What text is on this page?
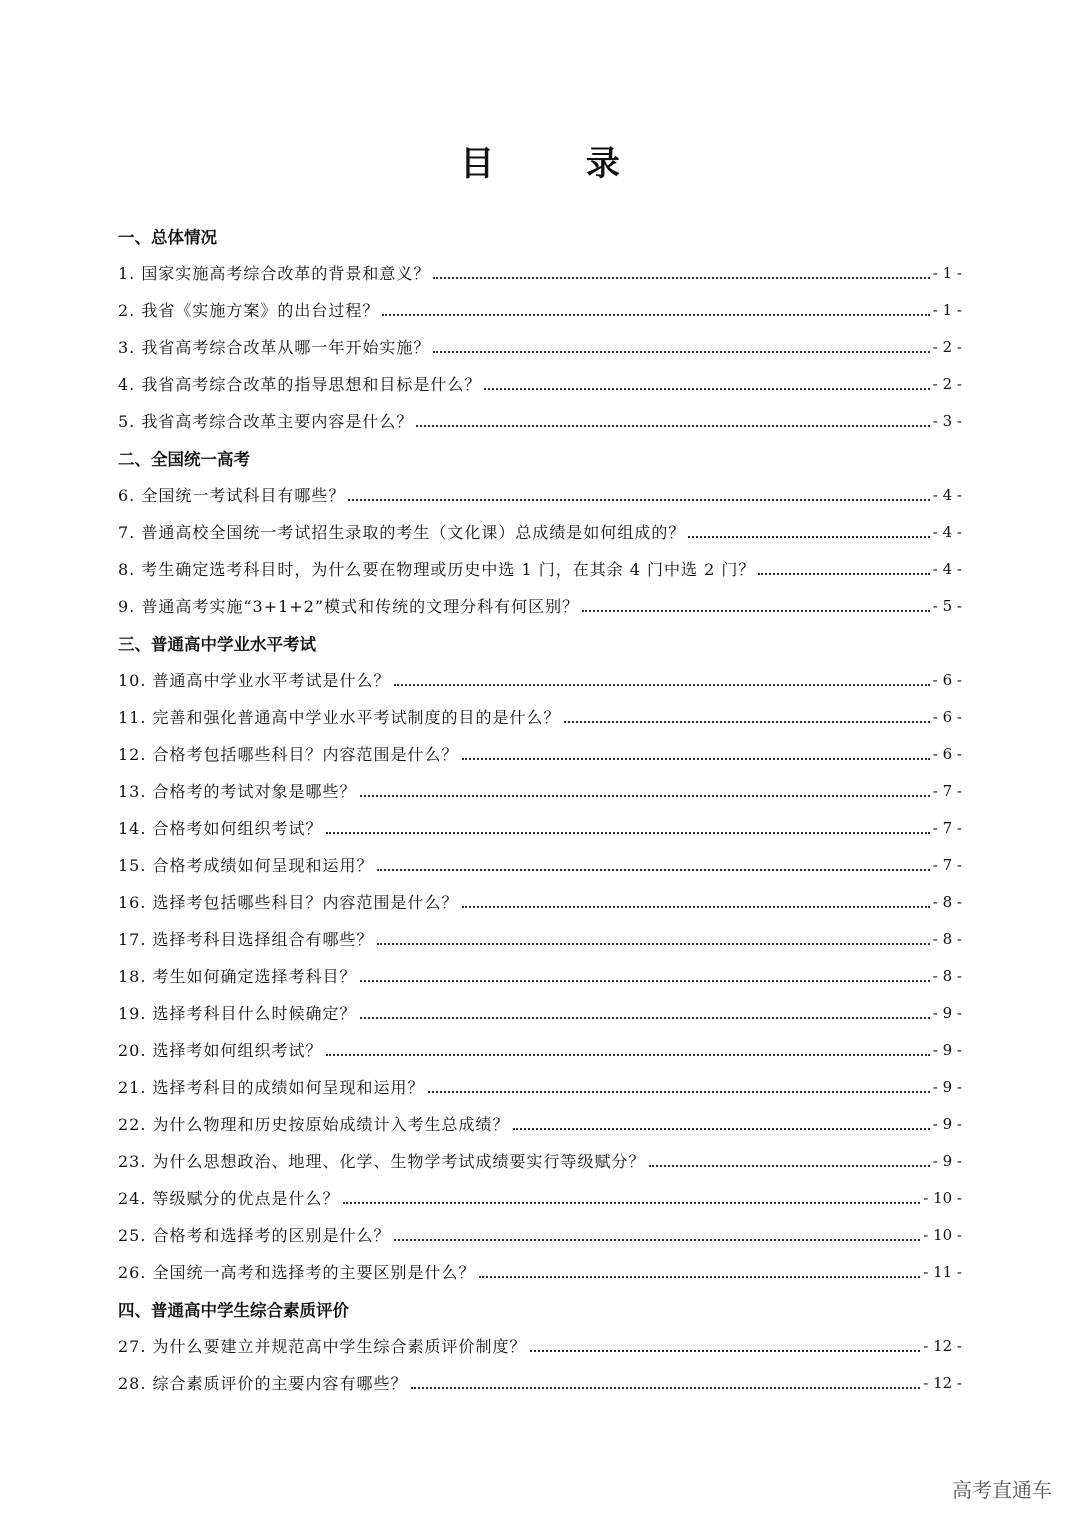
目 录
一、总体情况
1. 国家实施高考综合改革的背景和意义？	- 1 -
2. 我省《实施方案》的出台过程？	- 1 -
3. 我省高考综合改革从哪一年开始实施？	- 2 -
4. 我省高考综合改革的指导思想和目标是什么？	- 2 -
5. 我省高考综合改革主要内容是什么？	- 3 -
二、全国统一高考
6. 全国统一考试科目有哪些？	- 4 -
7. 普通高校全国统一考试招生录取的考生（文化课）总成绩是如何组成的？	- 4 -
8. 考生确定选考科目时，为什么要在物理或历史中选 1 门，在其余 4 门中选 2 门？	- 4 -
9. 普通高考实施“3+1+2”模式和传统的文理分科有何区别？	- 5 -
三、普通高中学业水平考试
10. 普通高中学业水平考试是什么？	- 6 -
11. 完善和强化普通高中学业水平考试制度的目的是什么？	- 6 -
12. 合格考包括哪些科目？内容范围是什么？	- 6 -
13. 合格考的考试对象是哪些？	- 7 -
14. 合格考如何组织考试？	- 7 -
15. 合格考成绩如何呈现和运用？	- 7 -
16. 选择考包括哪些科目？内容范围是什么？	- 8 -
17. 选择考科目选择组合有哪些？	- 8 -
18. 考生如何确定选择考科目？	- 8 -
19. 选择考科目什么时候确定？	- 9 -
20. 选择考如何组织考试？	- 9 -
21. 选择考科目的成绩如何呈现和运用？	- 9 -
22. 为什么物理和历史按原始成绩计入考生总成绩？	- 9 -
23. 为什么思想政治、地理、化学、生物学考试成绩要实行等级赋分？	- 9 -
24. 等级赋分的优点是什么？	- 10 -
25. 合格考和选择考的区别是什么？	- 10 -
26. 全国统一高考和选择考的主要区别是什么？	- 11 -
四、普通高中学生综合素质评价
27. 为什么要建立并规范高中学生综合素质评价制度？	- 12 -
28. 综合素质评价的主要内容有哪些？	- 12 -
高考直通车
